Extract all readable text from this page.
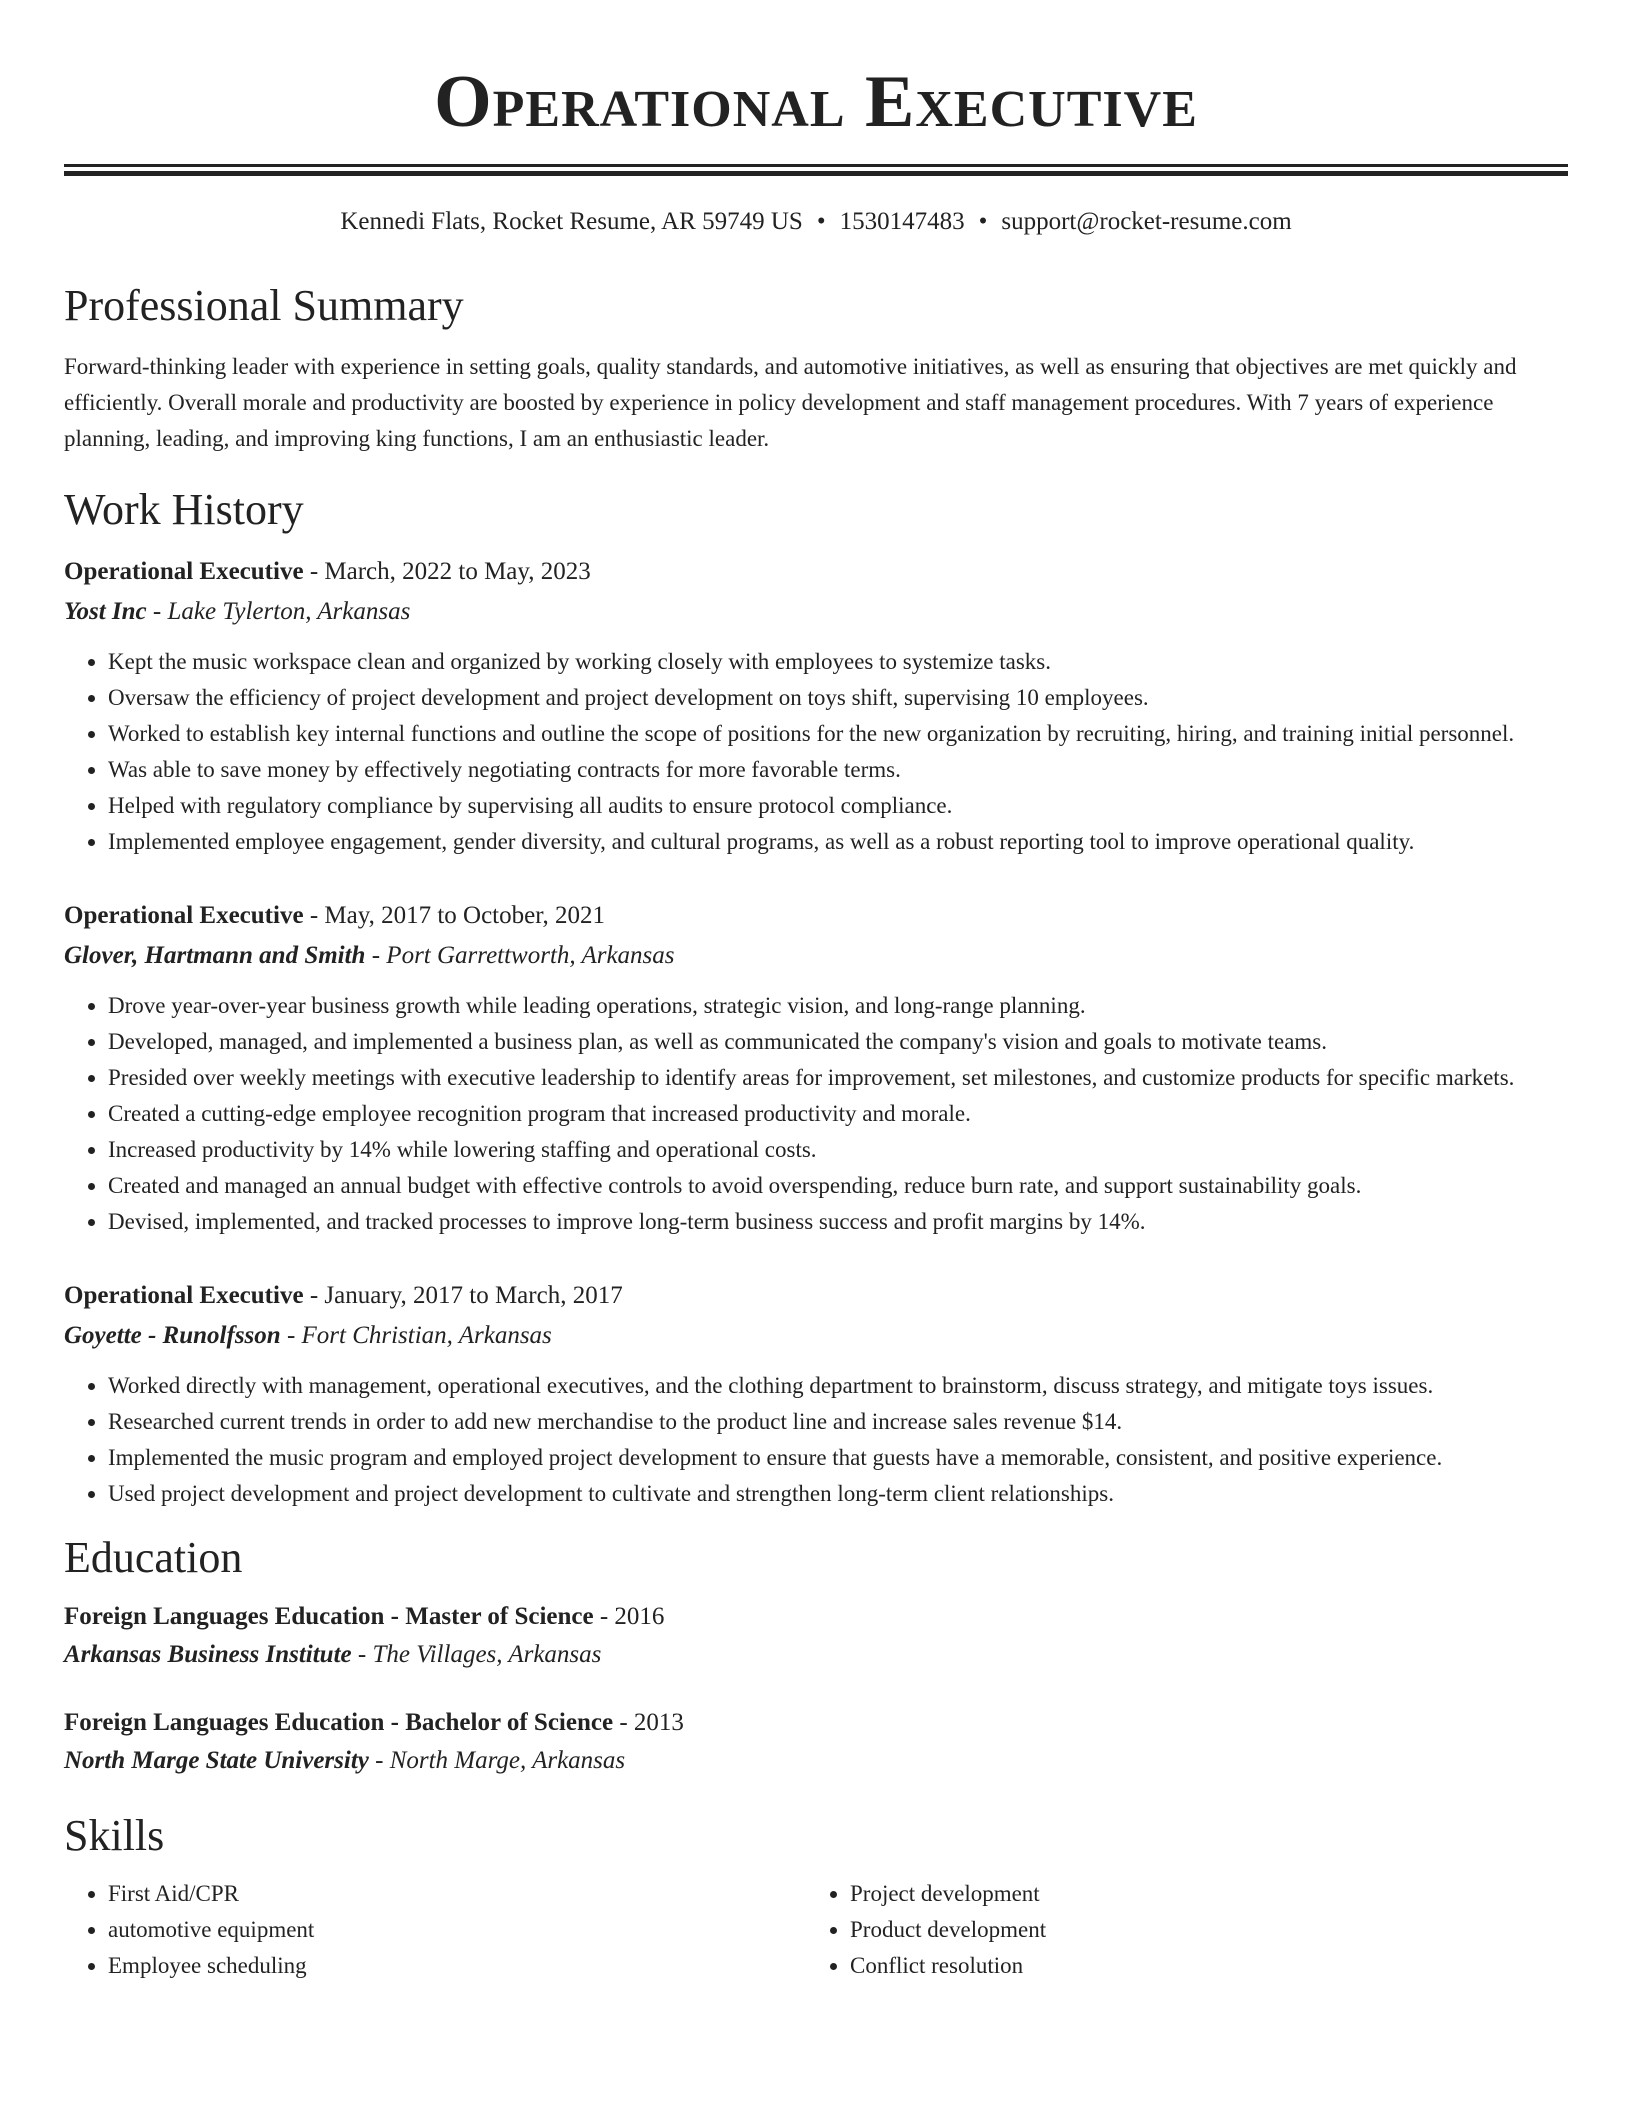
Operational Executive
Kennedi Flats, Rocket Resume, AR 59749 US • 1530147483 • support@rocket-resume.com
Professional Summary

Forward-thinking leader with experience in setting goals, quality standards, and automotive initiatives, as well as ensuring that objectives are met quickly and efficiently. Overall morale and productivity are boosted by experience in policy development and staff management procedures. With 7 years of experience planning, leading, and improving king functions, I am an enthusiastic leader.

Work History
Operational Executive - March, 2022 to May, 2023
Yost Inc - Lake Tylerton, Arkansas
• Kept the music workspace clean and organized by working closely with employees to systemize tasks.
• Oversaw the efficiency of project development and project development on toys shift, supervising 10 employees.
• Worked to establish key internal functions and outline the scope of positions for the new organization by recruiting, hiring, and training initial personnel.
• Was able to save money by effectively negotiating contracts for more favorable terms.
• Helped with regulatory compliance by supervising all audits to ensure protocol compliance.
• Implemented employee engagement, gender diversity, and cultural programs, as well as a robust reporting tool to improve operational quality.
Operational Executive - May, 2017 to October, 2021
Glover, Hartmann and Smith - Port Garrettworth, Arkansas
• Drove year-over-year business growth while leading operations, strategic vision, and long-range planning.
• Developed, managed, and implemented a business plan, as well as communicated the company's vision and goals to motivate teams.
• Presided over weekly meetings with executive leadership to identify areas for improvement, set milestones, and customize products for specific markets.
• Created a cutting-edge employee recognition program that increased productivity and morale.
• Increased productivity by 14% while lowering staffing and operational costs.
• Created and managed an annual budget with effective controls to avoid overspending, reduce burn rate, and support sustainability goals.
• Devised, implemented, and tracked processes to improve long-term business success and profit margins by 14%.
Operational Executive - January, 2017 to March, 2017
Goyette - Runolfsson - Fort Christian, Arkansas
• Worked directly with management, operational executives, and the clothing department to brainstorm, discuss strategy, and mitigate toys issues.
• Researched current trends in order to add new merchandise to the product line and increase sales revenue $14.
• Implemented the music program and employed project development to ensure that guests have a memorable, consistent, and positive experience.
• Used project development and project development to cultivate and strengthen long-term client relationships.
Education
Foreign Languages Education - Master of Science - 2016
Arkansas Business Institute - The Villages, Arkansas
Foreign Languages Education - Bachelor of Science - 2013
North Marge State University - North Marge, Arkansas
Skills
• First Aid/CPR
• automotive equipment
• Employee scheduling
• Project development
• Product development
• Conflict resolution
